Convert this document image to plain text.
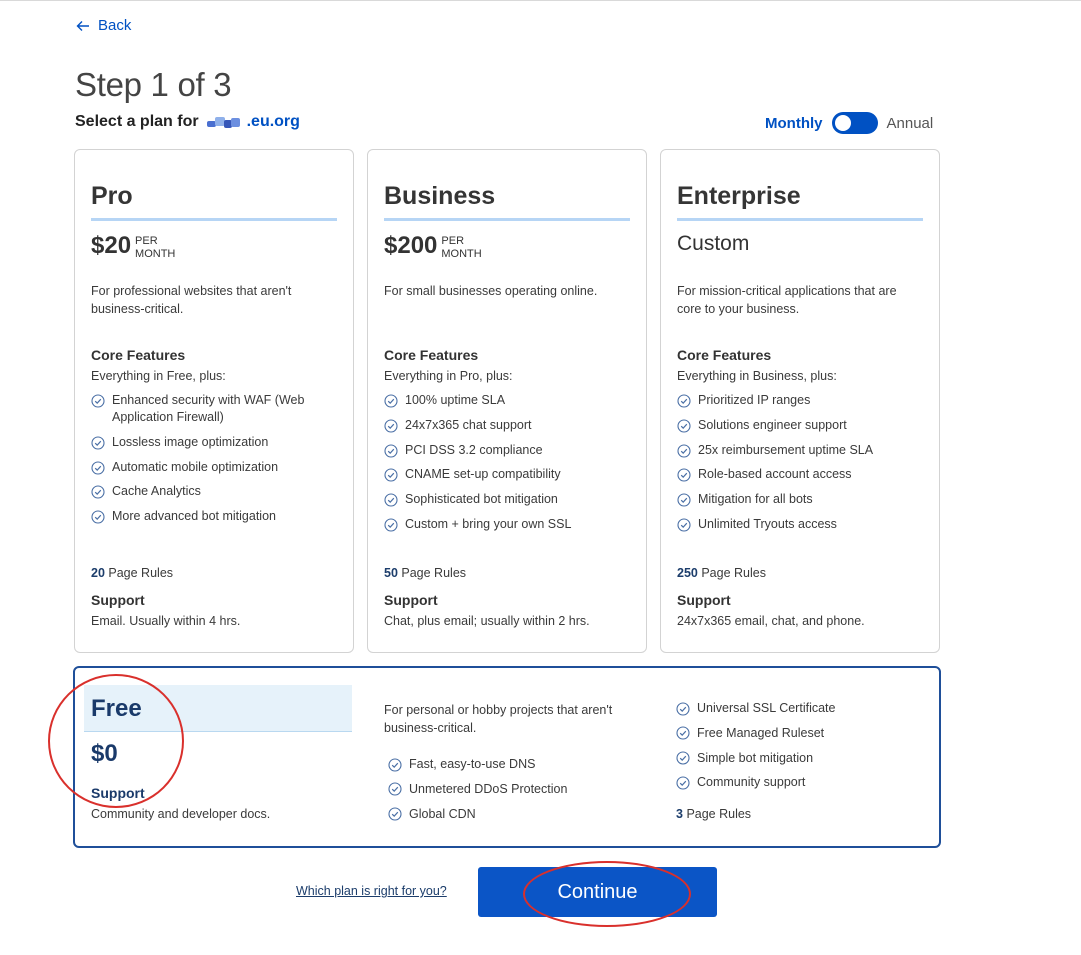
Back
Step 1 of 3
Select a plan for	.eu.org	Monthly	Annual
Pro
$20 PER
MONTH
For professional websites that aren't business-critical.
Core Features
Everything in Free, plus:
Enhanced security with WAF (Web Application Firewall)
Lossless image optimization
Automatic mobile optimization
Cache Analytics
More advanced bot mitigation
20 Page Rules
Support
Email. Usually within 4 hrs.
Business
$200 PER
MONTH
For small businesses operating online.
Core Features
Everything in Pro, plus:
100% uptime SLA
24x7x365 chat support
PCI DSS 3.2 compliance
CNAME set-up compatibility
Sophisticated bot mitigation
Custom + bring your own SSL
50 Page Rules
Support
Chat, plus email; usually within 2 hrs.
Enterprise
Custom
For mission-critical applications that are core to your business.
Core Features
Everything in Business, plus:
Prioritized IP ranges
Solutions engineer support
25x reimbursement uptime SLA
Role-based account access
Mitigation for all bots
Unlimited Tryouts access
250 Page Rules
Support
24x7x365 email, chat, and phone.
Free
$0
Support
Community and developer docs.
For personal or hobby projects that aren't business-critical.
Fast, easy-to-use DNS
Unmetered DDoS Protection
Global CDN
Universal SSL Certificate
Free Managed Ruleset
Simple bot mitigation
Community support
3 Page Rules
Which plan is right for you?	Continue
